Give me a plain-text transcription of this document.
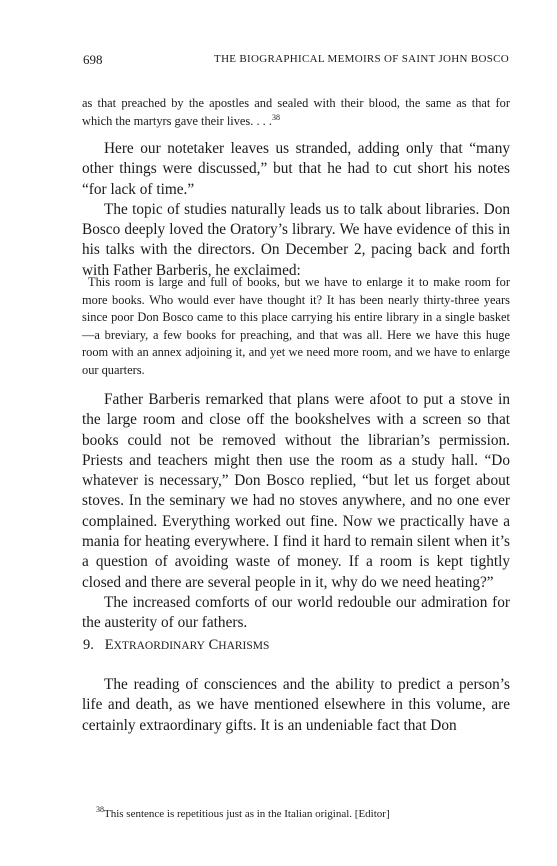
698	THE BIOGRAPHICAL MEMOIRS OF SAINT JOHN BOSCO

as that preached by the apostles and sealed with their blood, the same as that for which the martyrs gave their lives. . . .$^{38}$

Here our notetaker leaves us stranded, adding only that “many other things were discussed,” but that he had to cut short his notes “for lack of time.”

The topic of studies naturally leads us to talk about libraries. Don Bosco deeply loved the Oratory’s library. We have evidence of this in his talks with the directors. On December 2, pacing back and forth with Father Barberis, he exclaimed:

This room is large and full of books, but we have to enlarge it to make room for more books. Who would ever have thought it? It has been nearly thirty-three years since poor Don Bosco came to this place carrying his entire library in a single basket—a breviary, a few books for preaching, and that was all. Here we have this huge room with an annex adjoining it, and yet we need more room, and we have to enlarge our quarters.

Father Barberis remarked that plans were afoot to put a stove in the large room and close off the bookshelves with a screen so that books could not be removed without the librarian’s permission. Priests and teachers might then use the room as a study hall. “Do whatever is necessary,” Don Bosco replied, “but let us forget about stoves. In the seminary we had no stoves anywhere, and no one ever complained. Everything worked out fine. Now we practically have a mania for heating everywhere. I find it hard to remain silent when it’s a question of avoiding waste of money. If a room is kept tightly closed and there are several people in it, why do we need heating?”

The increased comforts of our world redouble our admiration for the austerity of our fathers.

9. EXTRAORDINARY CHARISMS

The reading of consciences and the ability to predict a person’s life and death, as we have mentioned elsewhere in this volume, are certainly extraordinary gifts. It is an undeniable fact that Don

$^{38}$This sentence is repetitious just as in the Italian original. [Editor]
